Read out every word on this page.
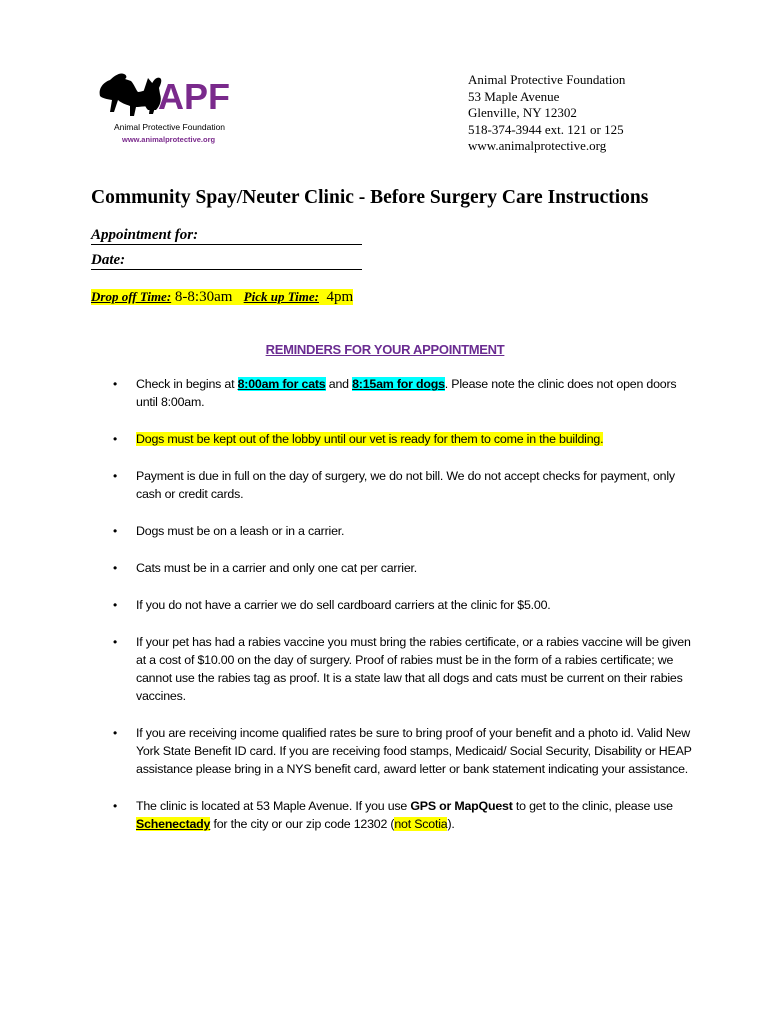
APF
Animal Protective Foundation
www.animalprotective.org
Animal Protective Foundation
53 Maple Avenue
Glenville, NY 12302
518-374-3944 ext. 121 or 125
www.animalprotective.org
Community Spay/Neuter Clinic - Before Surgery Care Instructions
Appointment for:
Date:
Drop off Time: 8-8:30am Pick up Time: 4pm
REMINDERS FOR YOUR APPOINTMENT
• Check in begins at 8:00am for cats and 8:15am for dogs. Please note the clinic does not open doors until 8:00am.
• Dogs must be kept out of the lobby until our vet is ready for them to come in the building.
• Payment is due in full on the day of surgery, we do not bill. We do not accept checks for payment, only cash or credit cards.
• Dogs must be on a leash or in a carrier.
• Cats must be in a carrier and only one cat per carrier.
• If you do not have a carrier we do sell cardboard carriers at the clinic for $5.00.
• If your pet has had a rabies vaccine you must bring the rabies certificate, or a rabies vaccine will be given at a cost of $10.00 on the day of surgery. Proof of rabies must be in the form of a rabies certificate; we cannot use the rabies tag as proof. It is a state law that all dogs and cats must be current on their rabies vaccines.
• If you are receiving income qualified rates be sure to bring proof of your benefit and a photo id. Valid New York State Benefit ID card. If you are receiving food stamps, Medicaid/ Social Security, Disability or HEAP assistance please bring in a NYS benefit card, award letter or bank statement indicating your assistance.
• The clinic is located at 53 Maple Avenue. If you use GPS or MapQuest to get to the clinic, please use Schenectady for the city or our zip code 12302 (not Scotia).
